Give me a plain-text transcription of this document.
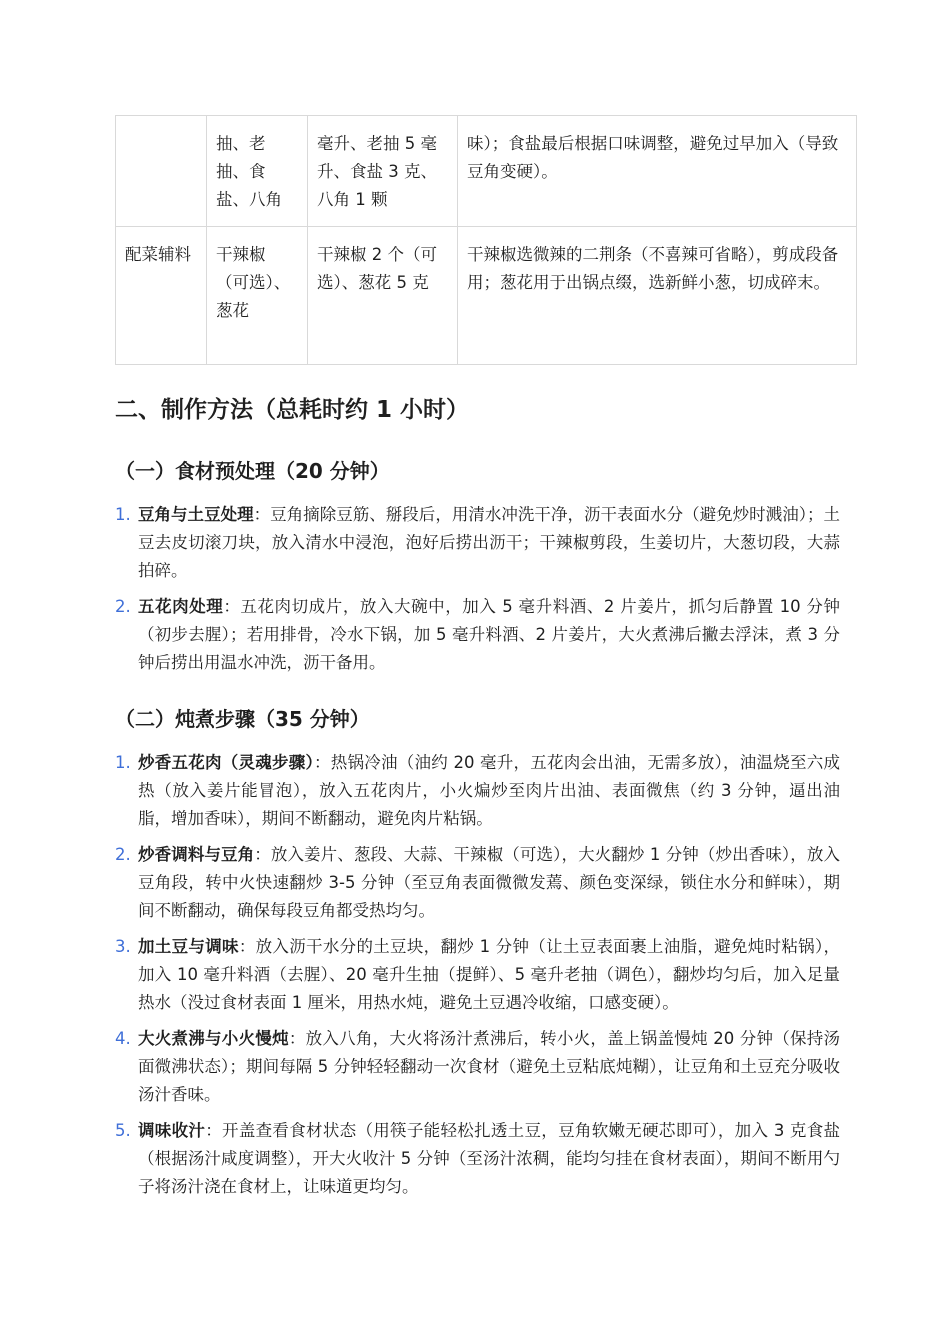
	抽、老抽、食盐、八角	毫升、老抽 5 毫升、食盐 3 克、八角 1 颗	味）；食盐最后根据口味调整，避免过早加入（导致豆角变硬）。
配菜辅料	干辣椒（可选）、葱花	干辣椒 2 个（可选）、葱花 5 克	干辣椒选微辣的二荆条（不喜辣可省略），剪成段备用；葱花用于出锅点缀，选新鲜小葱，切成碎末。
二、制作方法（总耗时约 1 小时）
（一）食材预处理（20 分钟）
1. 豆角与土豆处理：豆角摘除豆筋、掰段后，用清水冲洗干净，沥干表面水分（避免炒时溅油）；土豆去皮切滚刀块，放入清水中浸泡，泡好后捞出沥干；干辣椒剪段，生姜切片，大葱切段，大蒜拍碎。
2. 五花肉处理：五花肉切成片，放入大碗中，加入 5 毫升料酒、2 片姜片，抓匀后静置 10 分钟（初步去腥）；若用排骨，冷水下锅，加 5 毫升料酒、2 片姜片，大火煮沸后撇去浮沫，煮 3 分钟后捞出用温水冲洗，沥干备用。
（二）炖煮步骤（35 分钟）
1. 炒香五花肉（灵魂步骤）：热锅冷油（油约 20 毫升，五花肉会出油，无需多放），油温烧至六成热（放入姜片能冒泡），放入五花肉片，小火煸炒至肉片出油、表面微焦（约 3 分钟，逼出油脂，增加香味），期间不断翻动，避免肉片粘锅。
2. 炒香调料与豆角：放入姜片、葱段、大蒜、干辣椒（可选），大火翻炒 1 分钟（炒出香味），放入豆角段，转中火快速翻炒 3-5 分钟（至豆角表面微微发蔫、颜色变深绿，锁住水分和鲜味），期间不断翻动，确保每段豆角都受热均匀。
3. 加土豆与调味：放入沥干水分的土豆块，翻炒 1 分钟（让土豆表面裹上油脂，避免炖时粘锅），加入 10 毫升料酒（去腥）、20 毫升生抽（提鲜）、5 毫升老抽（调色），翻炒均匀后，加入足量热水（没过食材表面 1 厘米，用热水炖，避免土豆遇冷收缩，口感变硬）。
4. 大火煮沸与小火慢炖：放入八角，大火将汤汁煮沸后，转小火，盖上锅盖慢炖 20 分钟（保持汤面微沸状态）；期间每隔 5 分钟轻轻翻动一次食材（避免土豆粘底炖糊），让豆角和土豆充分吸收汤汁香味。
5. 调味收汁：开盖查看食材状态（用筷子能轻松扎透土豆，豆角软嫩无硬芯即可），加入 3 克食盐（根据汤汁咸度调整），开大火收汁 5 分钟（至汤汁浓稠，能均匀挂在食材表面），期间不断用勺子将汤汁浇在食材上，让味道更均匀。
